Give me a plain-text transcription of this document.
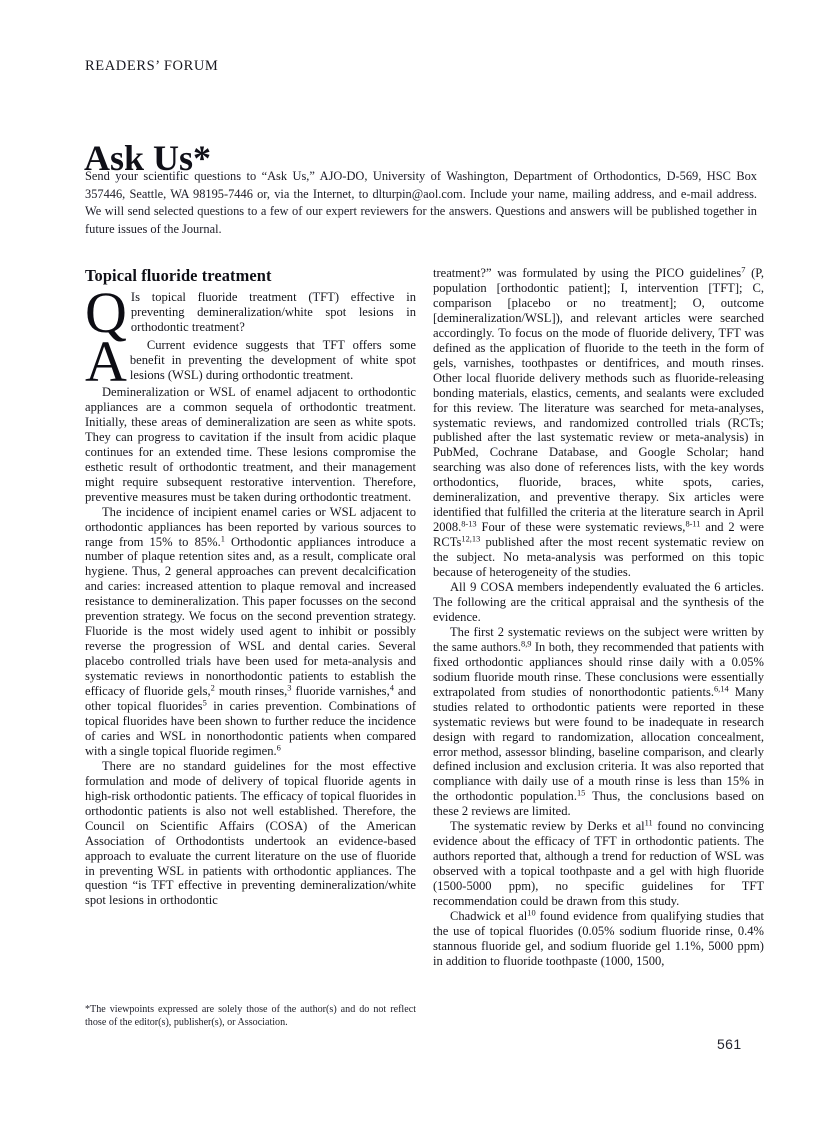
READERS’ FORUM
Ask Us*
Send your scientific questions to “Ask Us,” AJO-DO, University of Washington, Department of Orthodontics, D-569, HSC Box 357446, Seattle, WA 98195-7446 or, via the Internet, to dlturpin@aol.com. Include your name, mailing address, and e-mail address. We will send selected questions to a few of our expert reviewers for the answers. Questions and answers will be published together in future issues of the Journal.
Topical fluoride treatment
Q Is topical fluoride treatment (TFT) effective in preventing demineralization/white spot lesions in orthodontic treatment?

A	Current evidence suggests that TFT offers some benefit in preventing the development of white spot lesions (WSL) during orthodontic treatment.

Demineralization or WSL of enamel adjacent to orthodontic appliances are a common sequela of orthodontic treatment. Initially, these areas of demineralization are seen as white spots. They can progress to cavitation if the insult from acidic plaque continues for an extended time. These lesions compromise the esthetic result of orthodontic treatment, and their management might require subsequent restorative intervention. Therefore, preventive measures must be taken during orthodontic treatment.

The incidence of incipient enamel caries or WSL adjacent to orthodontic appliances has been reported by various sources to range from 15% to 85%.$^1$ Orthodontic appliances introduce a number of plaque retention sites and, as a result, complicate oral hygiene. Thus, 2 general approaches can prevent decalcification and caries: increased attention to plaque removal and increased resistance to demineralization. This paper focusses on the second prevention strategy. We focus on the second prevention strategy. Fluoride is the most widely used agent to inhibit or possibly reverse the progression of WSL and dental caries. Several placebo controlled trials have been used for meta-analysis and systematic reviews in nonorthodontic patients to establish the efficacy of fluoride gels,$^2$ mouth rinses,$^3$ fluoride varnishes,$^4$ and other topical fluorides$^5$ in caries prevention. Combinations of topical fluorides have been shown to further reduce the incidence of caries and WSL in nonorthodontic patients when compared with a single topical fluoride regimen.$^6$

There are no standard guidelines for the most effective formulation and mode of delivery of topical fluoride agents in high-risk orthodontic patients. The efficacy of topical fluorides in orthodontic patients is also not well established. Therefore, the Council on Scientific Affairs (COSA) of the American Association of Orthodontists undertook an evidence-based approach to evaluate the current literature on the use of fluoride in preventing WSL in patients with orthodontic appliances. The question “is TFT effective in preventing demineralization/white spot lesions in orthodontic

treatment?” was formulated by using the PICO guidelines$^7$ (P, population [orthodontic patient]; I, intervention [TFT]; C, comparison [placebo or no treatment]; O, outcome [demineralization/WSL]), and relevant articles were searched accordingly. To focus on the mode of fluoride delivery, TFT was defined as the application of fluoride to the teeth in the form of gels, varnishes, toothpastes or dentifrices, and mouth rinses. Other local fluoride delivery methods such as fluoride-releasing bonding materials, elastics, cements, and sealants were excluded for this review. The literature was searched for meta-analyses, systematic reviews, and randomized controlled trials (RCTs; published after the last systematic review or meta-analysis) in PubMed, Cochrane Database, and Google Scholar; hand searching was also done of references lists, with the key words orthodontics, fluoride, braces, white spots, caries, demineralization, and preventive therapy. Six articles were identified that fulfilled the criteria at the literature search in April 2008.$^{8-13}$ Four of these were systematic reviews,$^{8-11}$ and 2 were RCTs$^{12,13}$ published after the most recent systematic review on the subject. No meta-analysis was performed on this topic because of heterogeneity of the studies.

All 9 COSA members independently evaluated the 6 articles. The following are the critical appraisal and the synthesis of the evidence.

The first 2 systematic reviews on the subject were written by the same authors.$^{8,9}$ In both, they recommended that patients with fixed orthodontic appliances should rinse daily with a 0.05% sodium fluoride mouth rinse. These conclusions were essentially extrapolated from studies of nonorthodontic patients.$^{6,14}$ Many studies related to orthodontic patients were reported in these systematic reviews but were found to be inadequate in research design with regard to randomization, allocation concealment, error method, assessor blinding, baseline comparison, and clearly defined inclusion and exclusion criteria. It was also reported that compliance with daily use of a mouth rinse is less than 15% in the orthodontic population.$^{15}$ Thus, the conclusions based on these 2 reviews are limited.

The systematic review by Derks et $al^{11}$ found no convincing evidence about the efficacy of TFT in orthodontic patients. The authors reported that, although a trend for reduction of WSL was observed with a topical toothpaste and a gel with high fluoride (1500-5000 ppm), no specific guidelines for TFT recommendation could be drawn from this study.

Chadwick et $al^{10}$ found evidence from qualifying studies that the use of topical fluorides (0.05% sodium fluoride rinse, 0.4% stannous fluoride gel, and sodium fluoride gel 1.1%, 5000 ppm) in addition to fluoride toothpaste (1000, 1500,

*The viewpoints expressed are solely those of the author(s) and do not reflect those of the editor(s), publisher(s), or Association.
561
